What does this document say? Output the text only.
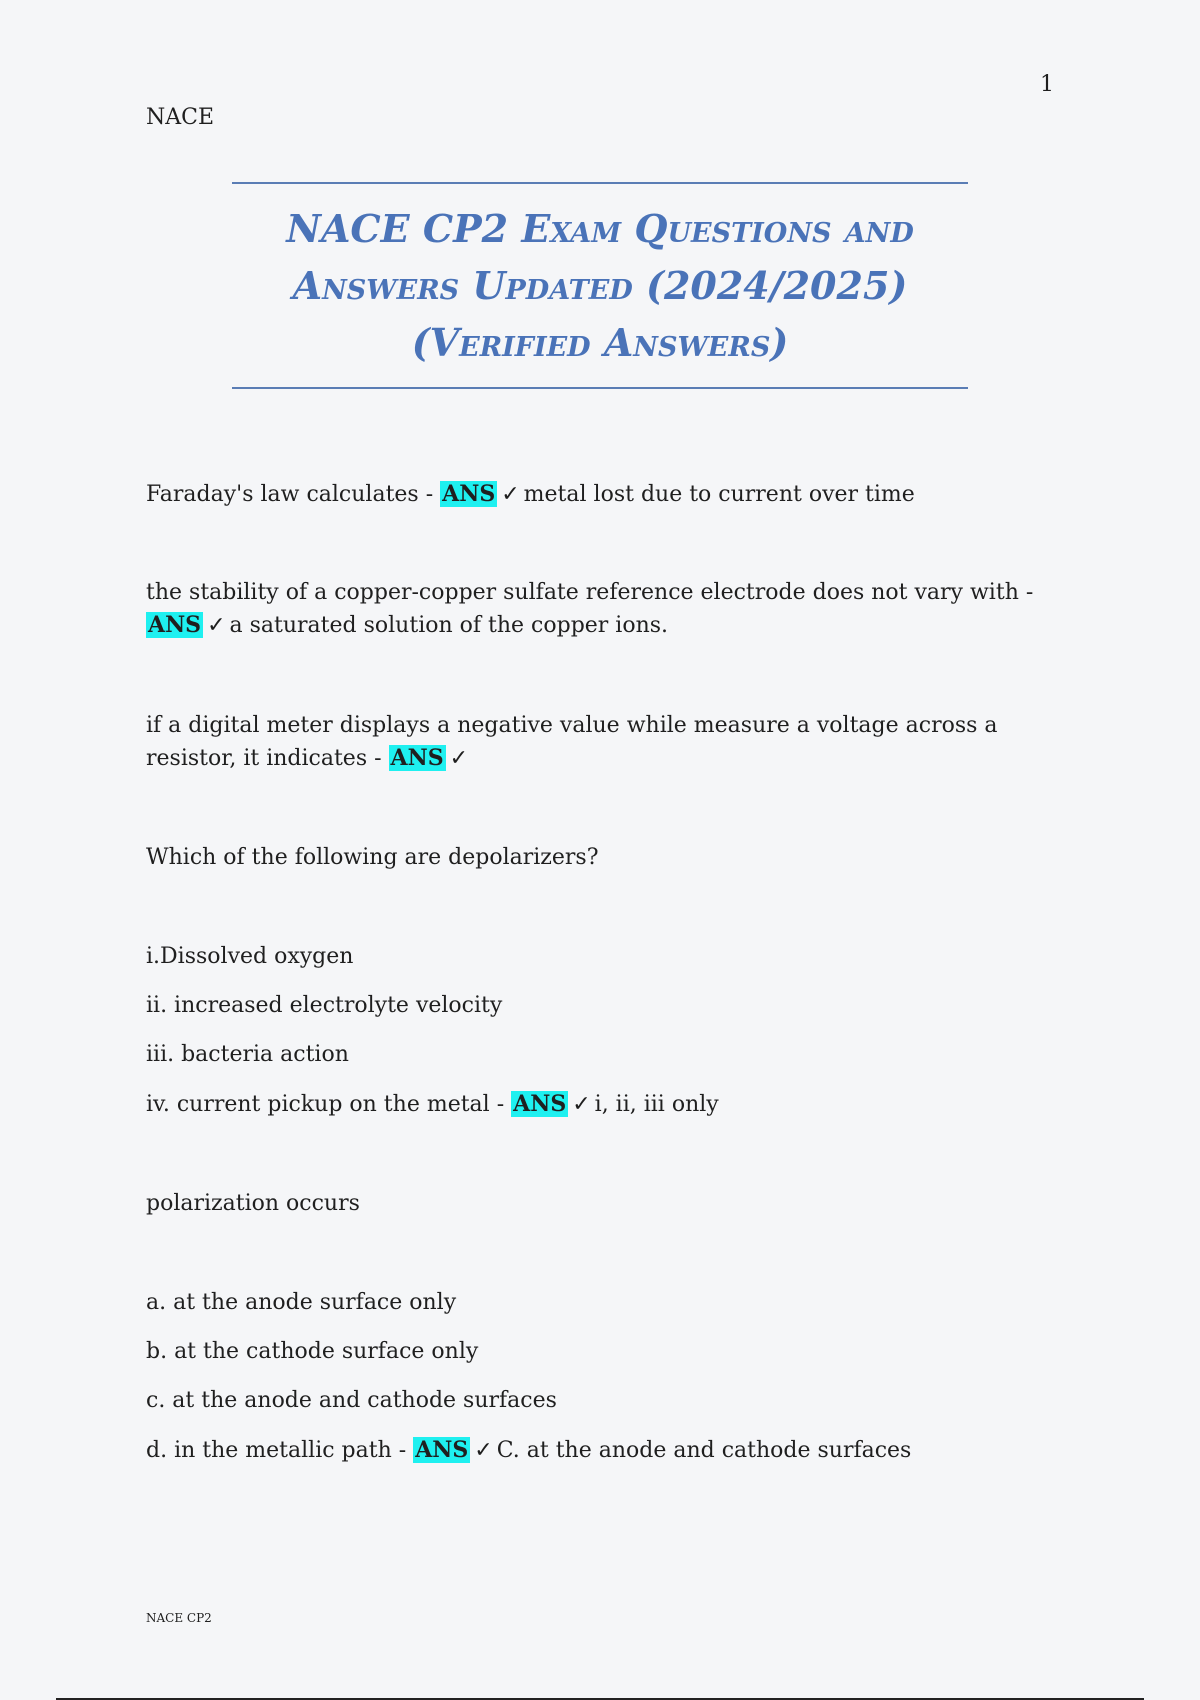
1
NACE
NACE CP2 Exam Questions and
Answers Updated (2024/2025)
(Verified Answers)
Faraday's law calculates - ANS ✓ metal lost due to current over time
the stability of a copper-copper sulfate reference electrode does not vary with -
ANS ✓ a saturated solution of the copper ions.
if a digital meter displays a negative value while measure a voltage across a
resistor, it indicates - ANS ✓
Which of the following are depolarizers?
i.Dissolved oxygen
ii. increased electrolyte velocity
iii. bacteria action
iv. current pickup on the metal - ANS ✓ i, ii, iii only
polarization occurs
a. at the anode surface only
b. at the cathode surface only
c. at the anode and cathode surfaces
d. in the metallic path - ANS ✓ C. at the anode and cathode surfaces
NACE CP2
